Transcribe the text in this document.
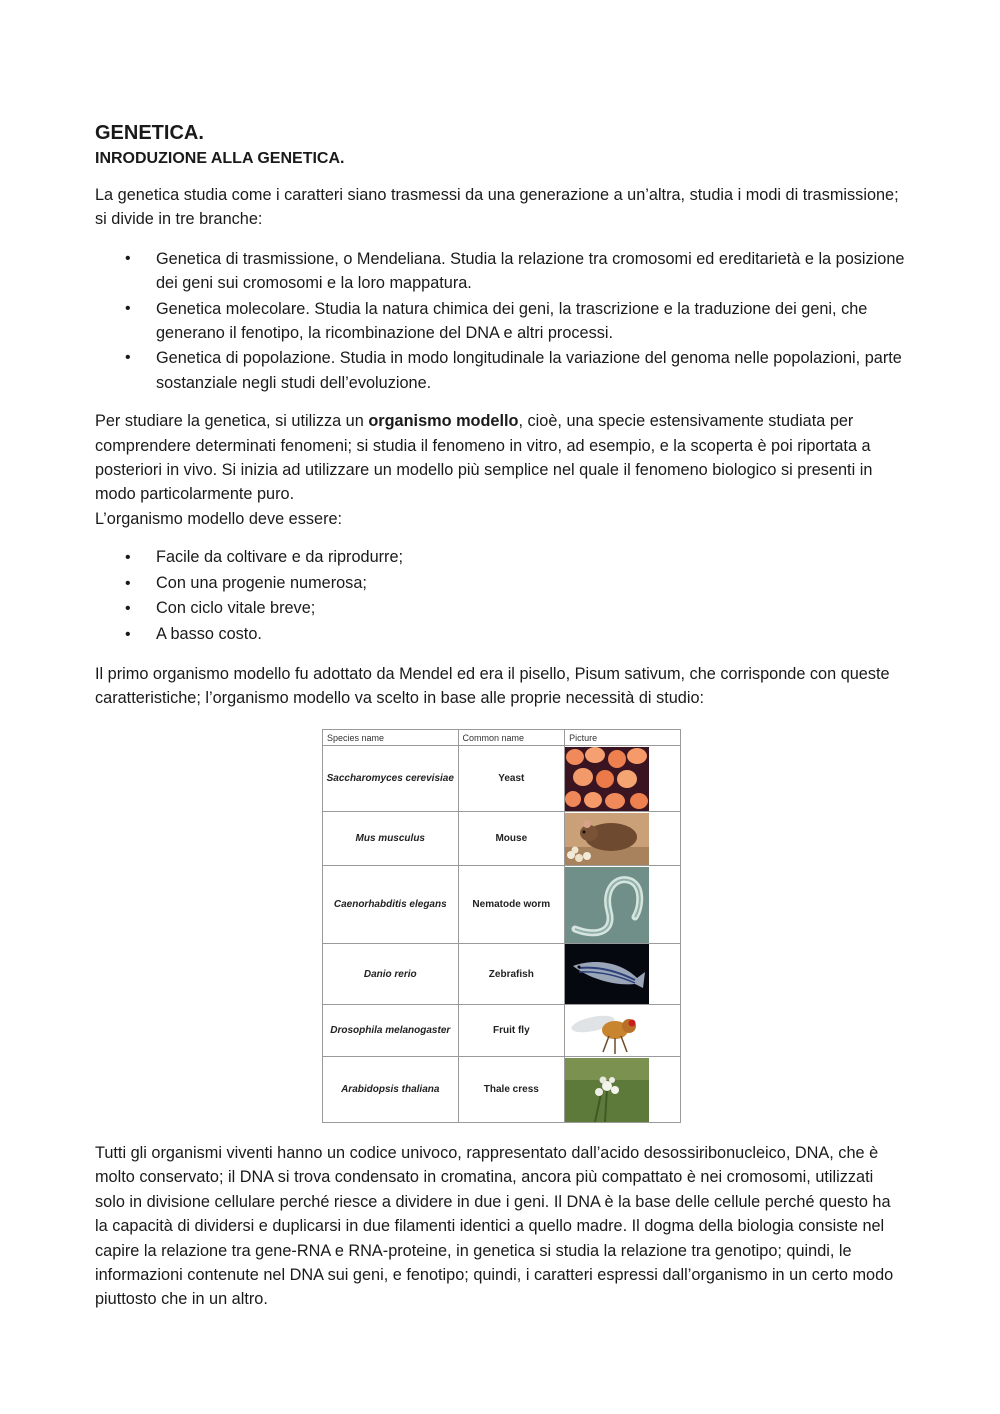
GENETICA.
INRODUZIONE ALLA GENETICA.

La genetica studia come i caratteri siano trasmessi da una generazione a un’altra, studia i modi di trasmissione; si divide in tre branche:

• Genetica di trasmissione, o Mendeliana. Studia la relazione tra cromosomi ed ereditarietà e la posizione dei geni sui cromosomi e la loro mappatura.
• Genetica molecolare. Studia la natura chimica dei geni, la trascrizione e la traduzione dei geni, che generano il fenotipo, la ricombinazione del DNA e altri processi.
• Genetica di popolazione. Studia in modo longitudinale la variazione del genoma nelle popolazioni, parte sostanziale negli studi dell’evoluzione.

Per studiare la genetica, si utilizza un organismo modello, cioè, una specie estensivamente studiata per comprendere determinati fenomeni; si studia il fenomeno in vitro, ad esempio, e la scoperta è poi riportata a posteriori in vivo. Si inizia ad utilizzare un modello più semplice nel quale il fenomeno biologico si presenti in modo particolarmente puro.
L’organismo modello deve essere:

• Facile da coltivare e da riprodurre;
• Con una progenie numerosa;
• Con ciclo vitale breve;
• A basso costo.

Il primo organismo modello fu adottato da Mendel ed era il pisello, Pisum sativum, che corrisponde con queste caratteristiche; l’organismo modello va scelto in base alle proprie necessità di studio:

Species name	Common name	Picture
Saccharomyces cerevisiae	Yeast	

Mus musculus	Mouse	

Caenorhabditis elegans	Nematode worm	

Danio rerio	Zebrafish	

Drosophila melanogaster	Fruit fly	

Arabidopsis thaliana	Thale cress	

Tutti gli organismi viventi hanno un codice univoco, rappresentato dall’acido desossiribonucleico, DNA, che è molto conservato; il DNA si trova condensato in cromatina, ancora più compattato è nei cromosomi, utilizzati solo in divisione cellulare perché riesce a dividere in due i geni. Il DNA è la base delle cellule perché questo ha la capacità di dividersi e duplicarsi in due filamenti identici a quello madre. Il dogma della biologia consiste nel capire la relazione tra gene-RNA e RNA-proteine, in genetica si studia la relazione tra genotipo; quindi, le informazioni contenute nel DNA sui geni, e fenotipo; quindi, i caratteri espressi dall’organismo in un certo modo piuttosto che in un altro.
